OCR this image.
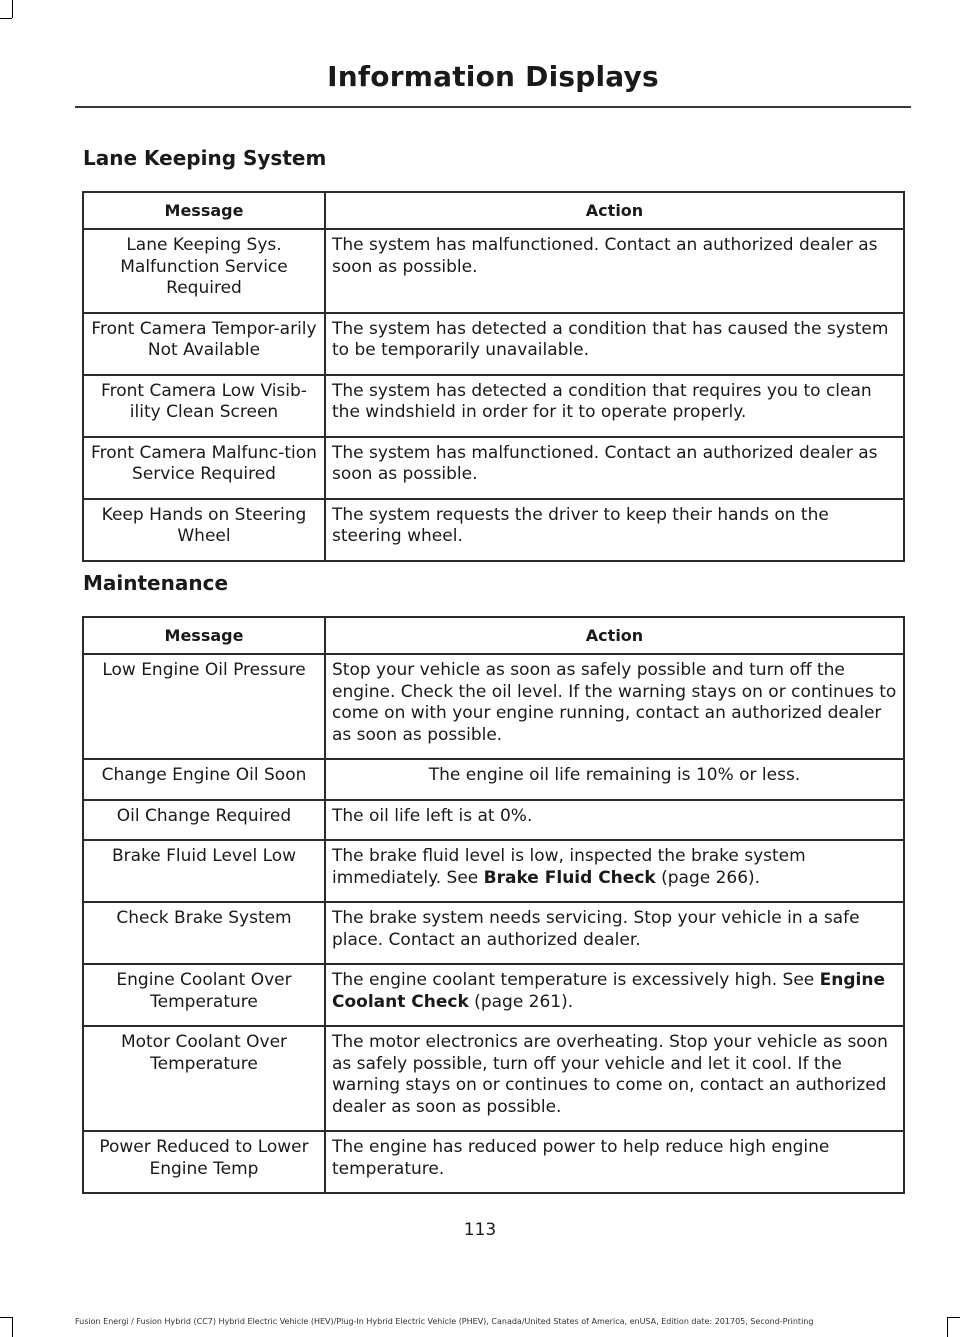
Information Displays
Lane Keeping System
Message	Action
Lane Keeping Sys. Malfunction Service Required	The system has malfunctioned. Contact an authorized dealer as soon as possible.
Front Camera Tempor-arily Not Available	The system has detected a condition that has caused the system to be temporarily unavailable.
Front Camera Low Visib-ility Clean Screen	The system has detected a condition that requires you to clean the windshield in order for it to operate properly.
Front Camera Malfunc-tion Service Required	The system has malfunctioned. Contact an authorized dealer as soon as possible.
Keep Hands on Steering Wheel	The system requests the driver to keep their hands on the steering wheel.
Maintenance
Message	Action
Low Engine Oil Pressure	Stop your vehicle as soon as safely possible and turn off the engine. Check the oil level. If the warning stays on or continues to come on with your engine running, contact an authorized dealer as soon as possible.
Change Engine Oil Soon	The engine oil life remaining is 10% or less.
Oil Change Required	The oil life left is at 0%.
Brake Fluid Level Low	The brake fluid level is low, inspected the brake system immediately. See Brake Fluid Check (page 266).
Check Brake System	The brake system needs servicing. Stop your vehicle in a safe place. Contact an authorized dealer.
Engine Coolant Over Temperature	The engine coolant temperature is excessively high. See Engine Coolant Check (page 261).
Motor Coolant Over Temperature	The motor electronics are overheating. Stop your vehicle as soon as safely possible, turn off your vehicle and let it cool. If the warning stays on or continues to come on, contact an authorized dealer as soon as possible.
Power Reduced to Lower Engine Temp	The engine has reduced power to help reduce high engine temperature.
113
Fusion Energi / Fusion Hybrid (CC7) Hybrid Electric Vehicle (HEV)/Plug-In Hybrid Electric Vehicle (PHEV), Canada/United States of America, enUSA, Edition date: 201705, Second-Printing
